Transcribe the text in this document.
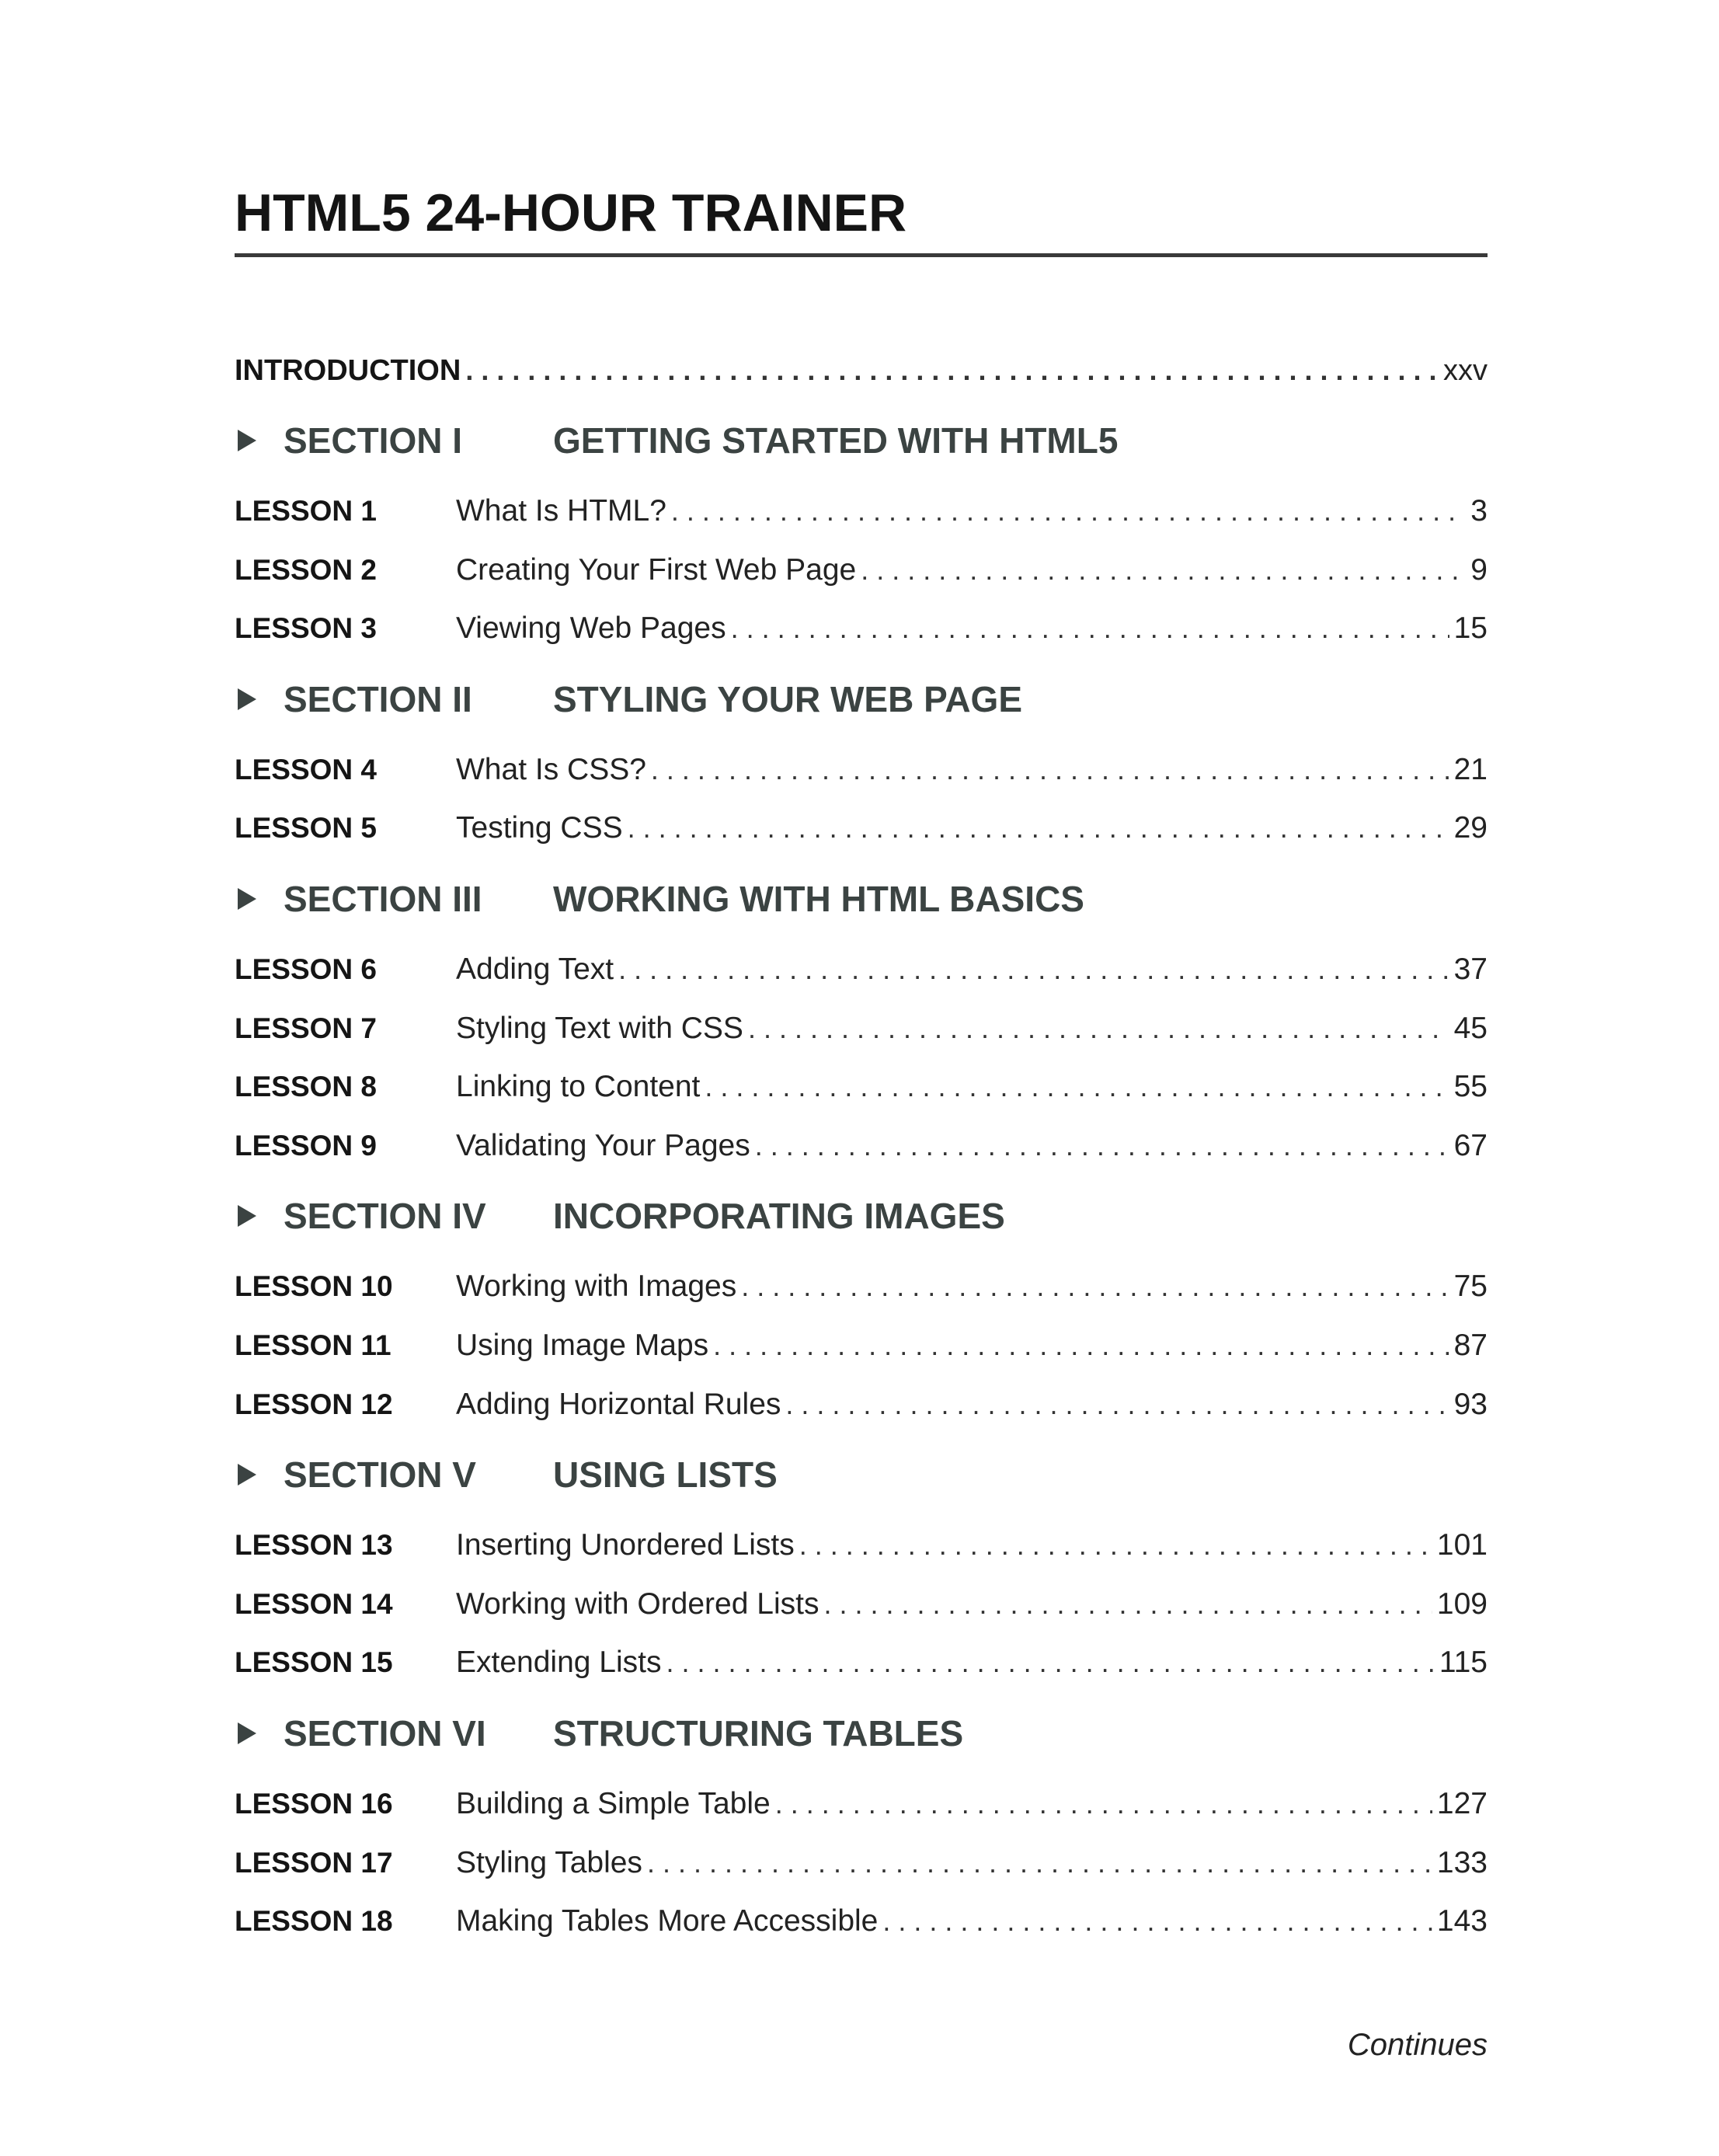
HTML5 24-HOUR TRAINER
INTRODUCTION . . .	xxv
SECTION I	GETTING STARTED WITH HTML5
LESSON 1	What Is HTML? . . .	3
LESSON 2	Creating Your First Web Page . . .	9
LESSON 3	Viewing Web Pages . . .	15
SECTION II	STYLING YOUR WEB PAGE
LESSON 4	What Is CSS? . . .	21
LESSON 5	Testing CSS . . .	29
SECTION III	WORKING WITH HTML BASICS
LESSON 6	Adding Text . . .	37
LESSON 7	Styling Text with CSS . . .	45
LESSON 8	Linking to Content . . .	55
LESSON 9	Validating Your Pages . . .	67
SECTION IV	INCORPORATING IMAGES
LESSON 10	Working with Images . . .	75
LESSON 11	Using Image Maps . . .	87
LESSON 12	Adding Horizontal Rules . . .	93
SECTION V	USING LISTS
LESSON 13	Inserting Unordered Lists . . .	101
LESSON 14	Working with Ordered Lists . . .	109
LESSON 15	Extending Lists . . .	115
SECTION VI	STRUCTURING TABLES
LESSON 16	Building a Simple Table . . .	127
LESSON 17	Styling Tables . . .	133
LESSON 18	Making Tables More Accessible . . .	143
Continues
